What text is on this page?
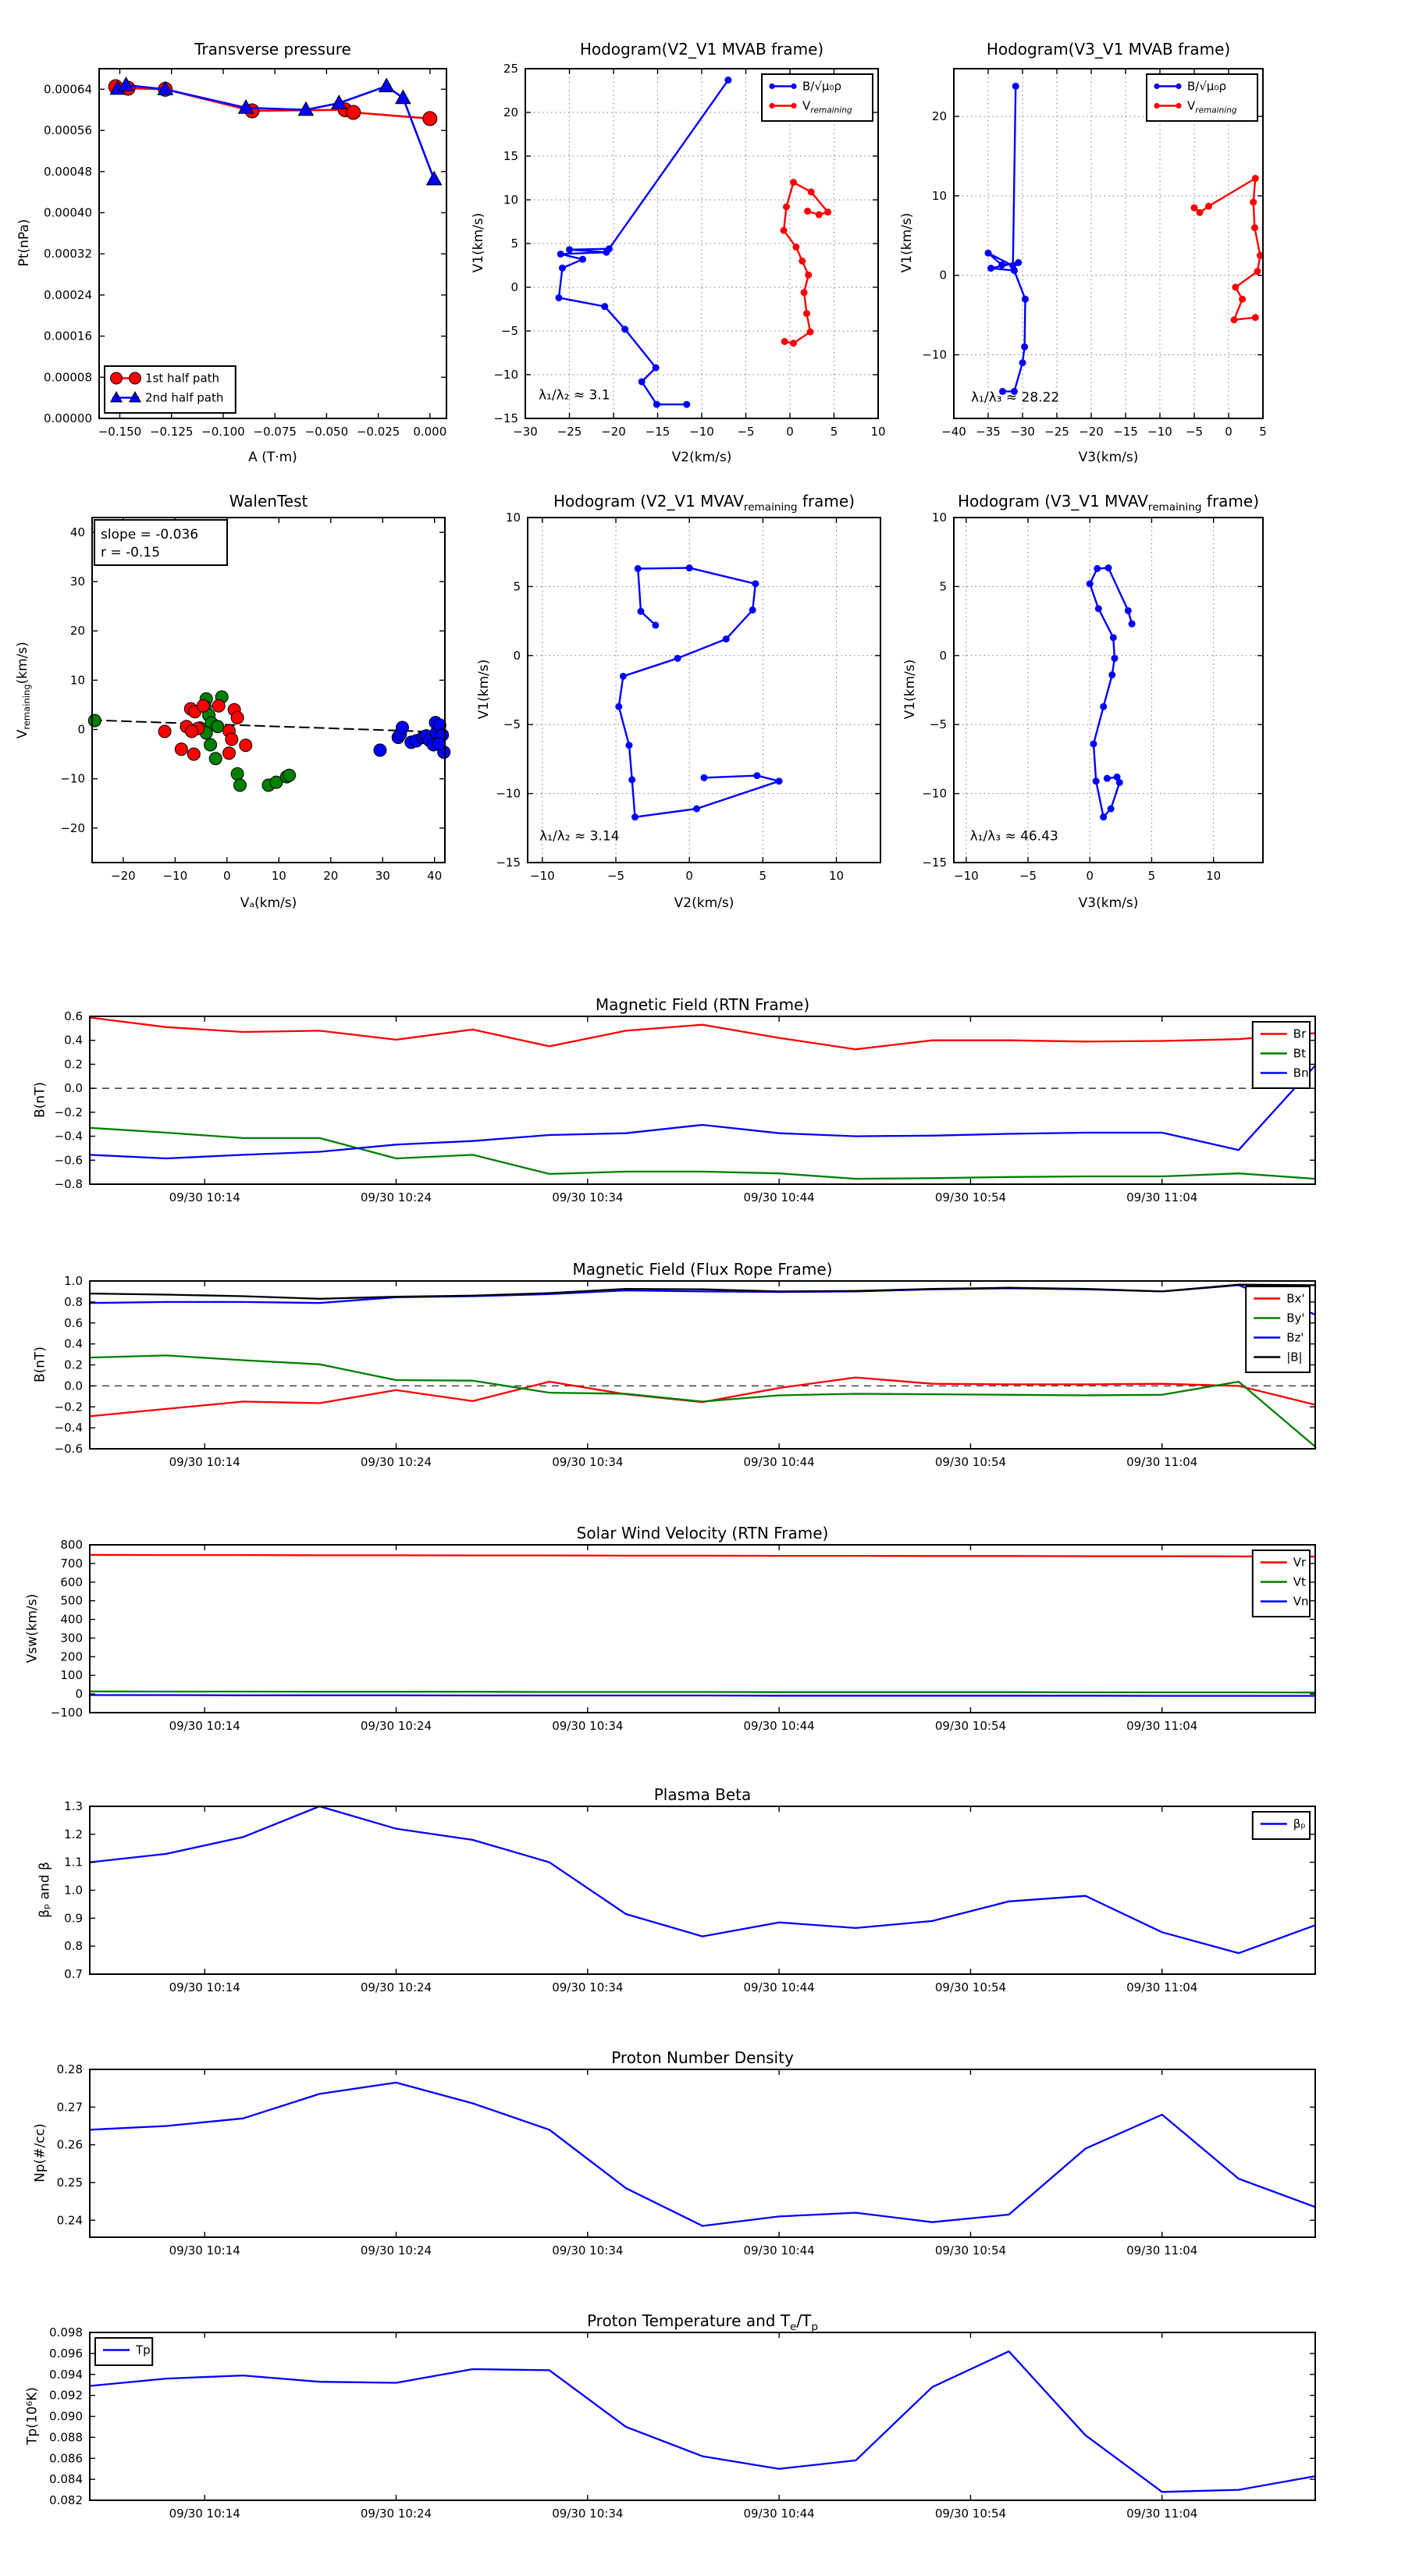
Transverse pressure
A (T·m)
Pt(nPa)
−0.150 −0.125 −0.100 −0.075 −0.050 −0.025 0.000
0.00000
0.00008
0.00016
0.00024
0.00032
0.00040
0.00048
0.00056
0.00064
1st half path
2nd half path
Hodogram(V2_V1 MVAB frame)
V2(km/s)
V1(km/s)
−30 −25 −20 −15 −10 −5	0	5	10
−15
−10
−5
0
5
10
15
20
25
λ₁/λ₂ ≈ 3.1
B/√μ₀ρ
$V_{remaining}$
Hodogram(V3_V1 MVAB frame)
V3(km/s)
V1(km/s)
−40 −35 −30 −25 −20 −15 −10 −5 0 5
−10
0
10
20
λ₁/λ₃ ≈ 28.22
B/√μ₀ρ
$V_{remaining}$
WalenTest
Vₐ(km/s)
$V_{remaining}(km/s)$
−20 −10	0	10	20	30	40
−20
−10
0
10
20
30
40 slope = -0.036
r = -0.15
Hodogram (V2_V1 $MVAV_{remaining}$ frame)
V2(km/s)
V1(km/s)
−10	−5	0	5	10
−15
−10
−5
0
5
10
λ₁/λ₂ ≈ 3.14
Hodogram (V3_V1 $MVAV_{remaining}$ frame)
V3(km/s)
V1(km/s)
−10	−5	0	5	10
−15
−10
−5
0
5
10
λ₁/λ₃ ≈ 46.43
Magnetic Field (RTN Frame)
B(nT)
09/30 10:14	09/30 10:24	09/30 10:34	09/30 10:44	09/30 10:54	09/30 11:04
−0.8
−0.6
−0.4
−0.2
0.0
0.2
0.4
0.6
Br
Bt
Bn
Magnetic Field (Flux Rope Frame)
B(nT)
09/30 10:14	09/30 10:24	09/30 10:34	09/30 10:44	09/30 10:54	09/30 11:04
−0.6
−0.4
−0.2
0.0
0.2
0.4
0.6
0.8
1.0
Bx'
By'
Bz'
|B|
Solar Wind Velocity (RTN Frame)
Vsw(km/s)
09/30 10:14	09/30 10:24	09/30 10:34	09/30 10:44	09/30 10:54	09/30 11:04
−100
0
100
200
300
400
500
600
700
800
Vr
Vt
Vn
Plasma Beta
βₚ and β
09/30 10:14	09/30 10:24	09/30 10:34	09/30 10:44	09/30 10:54	09/30 11:04
0.7
0.8
0.9
1.0
1.1
1.2
1.3
βₚ
Proton Number Density
Np(#/cc)
09/30 10:14	09/30 10:24	09/30 10:34	09/30 10:44	09/30 10:54	09/30 11:04
0.24
0.25
0.26
0.27
0.28
Proton Temperature and $T_e/T_p$
Tp(10⁶K)
09/30 10:14	09/30 10:24	09/30 10:34	09/30 10:44	09/30 10:54	09/30 11:04
0.082
0.084
0.086
0.088
0.090
0.092
0.094
0.096
0.098
Tp
